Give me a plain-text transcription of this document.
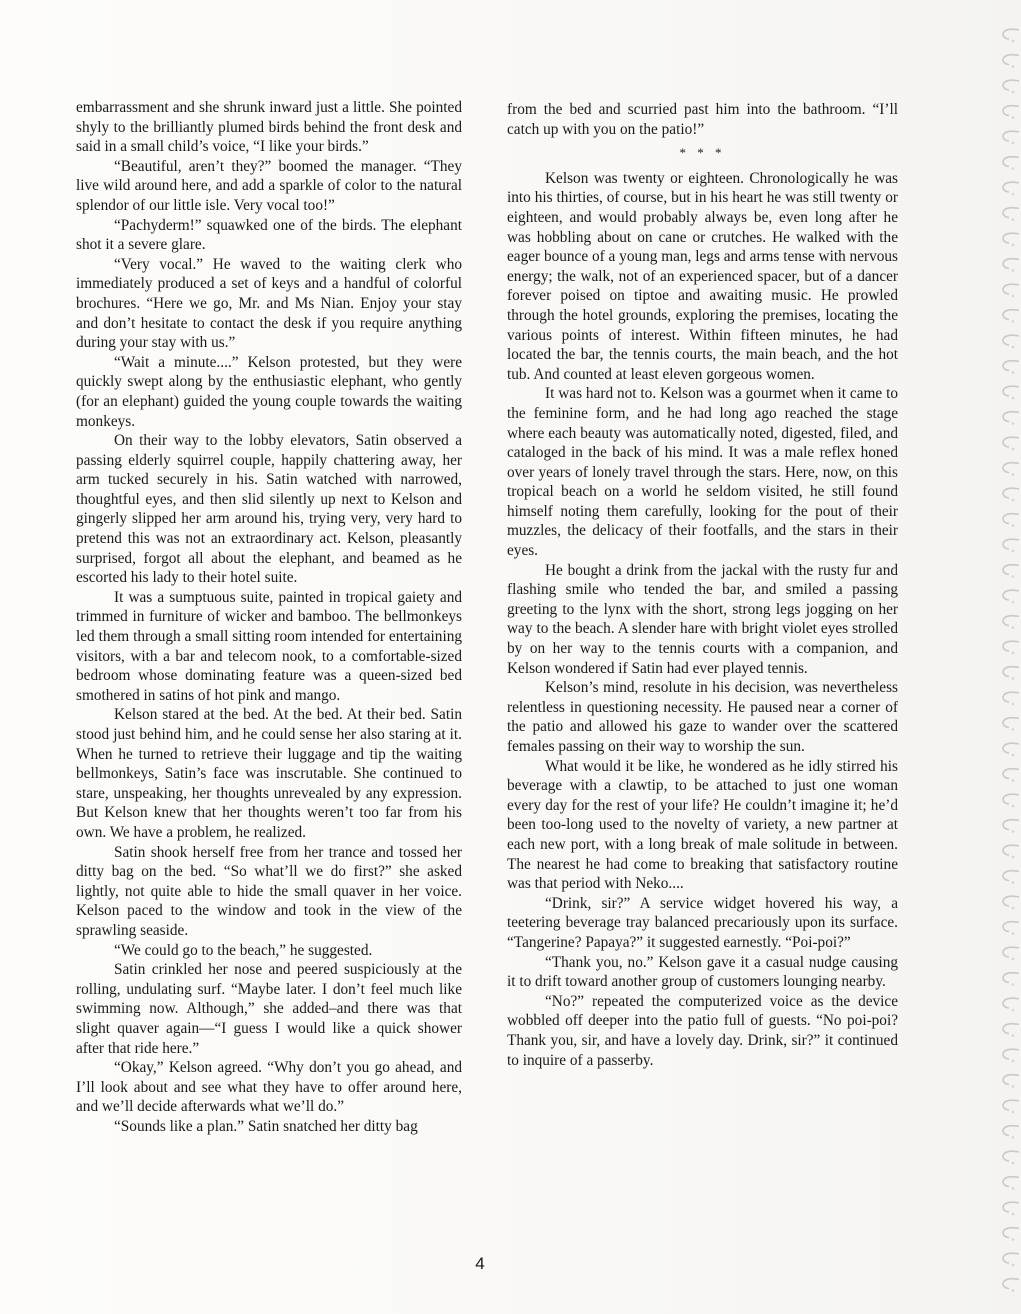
embarrassment and she shrunk inward just a little. She pointed shyly to the brilliantly plumed birds behind the front desk and said in a small child’s voice, “I like your birds.”

“Beautiful, aren’t they?” boomed the manager. “They live wild around here, and add a sparkle of color to the natural splendor of our little isle. Very vocal too!”

“Pachyderm!” squawked one of the birds. The elephant shot it a severe glare.

“Very vocal.” He waved to the waiting clerk who immediately produced a set of keys and a handful of colorful brochures. “Here we go, Mr. and Ms Nian. Enjoy your stay and don’t hesitate to contact the desk if you require anything during your stay with us.”

“Wait a minute....” Kelson protested, but they were quickly swept along by the enthusiastic elephant, who gently (for an elephant) guided the young couple towards the waiting monkeys.

On their way to the lobby elevators, Satin observed a passing elderly squirrel couple, happily chattering away, her arm tucked securely in his. Satin watched with narrowed, thoughtful eyes, and then slid silently up next to Kelson and gingerly slipped her arm around his, trying very, very hard to pretend this was not an extraordinary act. Kelson, pleasantly surprised, forgot all about the elephant, and beamed as he escorted his lady to their hotel suite.

It was a sumptuous suite, painted in tropical gaiety and trimmed in furniture of wicker and bamboo. The bellmonkeys led them through a small sitting room intended for entertaining visitors, with a bar and telecom nook, to a comfortable-sized bedroom whose dominating feature was a queen-sized bed smothered in satins of hot pink and mango.

Kelson stared at the bed. At the bed. At their bed. Satin stood just behind him, and he could sense her also staring at it. When he turned to retrieve their luggage and tip the waiting bellmonkeys, Satin’s face was inscrutable. She continued to stare, unspeaking, her thoughts unrevealed by any expression. But Kelson knew that her thoughts weren’t too far from his own. We have a problem, he realized.

Satin shook herself free from her trance and tossed her ditty bag on the bed. “So what’ll we do first?” she asked lightly, not quite able to hide the small quaver in her voice. Kelson paced to the window and took in the view of the sprawling seaside.

“We could go to the beach,” he suggested.

Satin crinkled her nose and peered suspiciously at the rolling, undulating surf. “Maybe later. I don’t feel much like swimming now. Although,” she added–and there was that slight quaver again—“I guess I would like a quick shower after that ride here.”

“Okay,” Kelson agreed. “Why don’t you go ahead, and I’ll look about and see what they have to offer around here, and we’ll decide afterwards what we’ll do.”

“Sounds like a plan.” Satin snatched her ditty bag

from the bed and scurried past him into the bathroom. “I’ll catch up with you on the patio!”

* * *

Kelson was twenty or eighteen. Chronologically he was into his thirties, of course, but in his heart he was still twenty or eighteen, and would probably always be, even long after he was hobbling about on cane or crutches. He walked with the eager bounce of a young man, legs and arms tense with nervous energy; the walk, not of an experienced spacer, but of a dancer forever poised on tiptoe and awaiting music. He prowled through the hotel grounds, exploring the premises, locating the various points of interest. Within fifteen minutes, he had located the bar, the tennis courts, the main beach, and the hot tub. And counted at least eleven gorgeous women.

It was hard not to. Kelson was a gourmet when it came to the feminine form, and he had long ago reached the stage where each beauty was automatically noted, digested, filed, and cataloged in the back of his mind. It was a male reflex honed over years of lonely travel through the stars. Here, now, on this tropical beach on a world he seldom visited, he still found himself noting them carefully, looking for the pout of their muzzles, the delicacy of their footfalls, and the stars in their eyes.

He bought a drink from the jackal with the rusty fur and flashing smile who tended the bar, and smiled a passing greeting to the lynx with the short, strong legs jogging on her way to the beach. A slender hare with bright violet eyes strolled by on her way to the tennis courts with a companion, and Kelson wondered if Satin had ever played tennis.

Kelson’s mind, resolute in his decision, was nevertheless relentless in questioning necessity. He paused near a corner of the patio and allowed his gaze to wander over the scattered females passing on their way to worship the sun.

What would it be like, he wondered as he idly stirred his beverage with a clawtip, to be attached to just one woman every day for the rest of your life? He couldn’t imagine it; he’d been too-long used to the novelty of variety, a new partner at each new port, with a long break of male solitude in between. The nearest he had come to breaking that satisfactory routine was that period with Neko....

“Drink, sir?” A service widget hovered his way, a teetering beverage tray balanced precariously upon its surface. “Tangerine? Papaya?” it suggested earnestly. “Poi-poi?”

“Thank you, no.” Kelson gave it a casual nudge causing it to drift toward another group of customers lounging nearby.

“No?” repeated the computerized voice as the device wobbled off deeper into the patio full of guests. “No poi-poi? Thank you, sir, and have a lovely day. Drink, sir?” it continued to inquire of a passerby.

4
